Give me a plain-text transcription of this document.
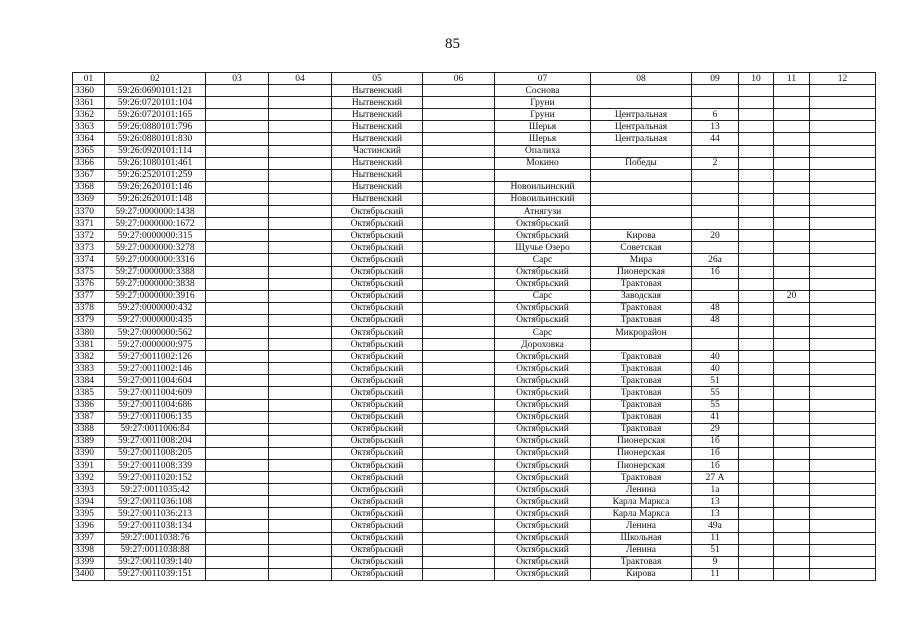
85
01	02	03	04	05	06	07	08	09	10	11	12
3360	59:26:0690101:121			Нытвенский		Соснова					
3361	59:26:0720101:104			Нытвенский		Груни					
3362	59:26:0720101:165			Нытвенский		Груни	Центральная	6			
3363	59:26:0880101:796			Нытвенский		Шерья	Центральная	13			
3364	59:26:0880101:830			Нытвенский		Шерья	Центральная	44			
3365	59:26:0920101:114			Частинский		Опалиха					
3366	59:26:1080101:461			Нытвенский		Мокино	Победы	2			
3367	59:26:2520101:259			Нытвенский							
3368	59:26:2620101:146			Нытвенский		Новоильинский					
3369	59:26:2620101:148			Нытвенский		Новоильинский					
3370	59:27:0000000:1438			Октябрьский		Атнягузи					
3371	59:27:0000000:1672			Октябрьский		Октябрьский					
3372	59:27:0000000:315			Октябрьский		Октябрьский	Кирова	20			
3373	59:27:0000000:3278			Октябрьский		Щучье Озеро	Советская				
3374	59:27:0000000:3316			Октябрьский		Сарс	Мира	26а			
3375	59:27:0000000:3388			Октябрьский		Октябрьский	Пионерская	1б			
3376	59:27:0000000:3838			Октябрьский		Октябрьский	Трактовая				
3377	59:27:0000000:3916			Октябрьский		Сарс	Заводская			20	
3378	59:27:0000000:432			Октябрьский		Октябрьский	Трактовая	48			
3379	59:27:0000000:435			Октябрьский		Октябрьский	Трактовая	48			
3380	59:27:0000000:562			Октябрьский		Сарс	Микрорайон				
3381	59:27:0000000:975			Октябрьский		Дороховка					
3382	59:27:0011002:126			Октябрьский		Октябрьский	Трактовая	40			
3383	59:27:0011002:146			Октябрьский		Октябрьский	Трактовая	40			
3384	59:27:0011004:604			Октябрьский		Октябрьский	Трактовая	51			
3385	59:27:0011004:609			Октябрьский		Октябрьский	Трактовая	55			
3386	59:27:0011004:686			Октябрьский		Октябрьский	Трактовая	55			
3387	59:27:0011006:135			Октябрьский		Октябрьский	Трактовая	41			
3388	59:27:0011006:84			Октябрьский		Октябрьский	Трактовая	29			
3389	59:27:0011008:204			Октябрьский		Октябрьский	Пионерская	1б			
3390	59:27:0011008:205			Октябрьский		Октябрьский	Пионерская	1б			
3391	59:27:0011008:339			Октябрьский		Октябрьский	Пионерская	1б			
3392	59:27:0011020:152			Октябрьский		Октябрьский	Трактовая	27 А			
3393	59:27:0011035:42			Октябрьский		Октябрьский	Ленина	1а			
3394	59:27:0011036:108			Октябрьский		Октябрьский	Карла Маркса	13			
3395	59:27:0011036:213			Октябрьский		Октябрьский	Карла Маркса	13			
3396	59:27:0011038:134			Октябрьский		Октябрьский	Ленина	49а			
3397	59:27:0011038:76			Октябрьский		Октябрьский	Школьная	11			
3398	59:27:0011038:88			Октябрьский		Октябрьский	Ленина	51			
3399	59:27:0011039:140			Октябрьский		Октябрьский	Трактовая	9			
3400	59:27:0011039:151			Октябрьский		Октябрьский	Кирова	11			
